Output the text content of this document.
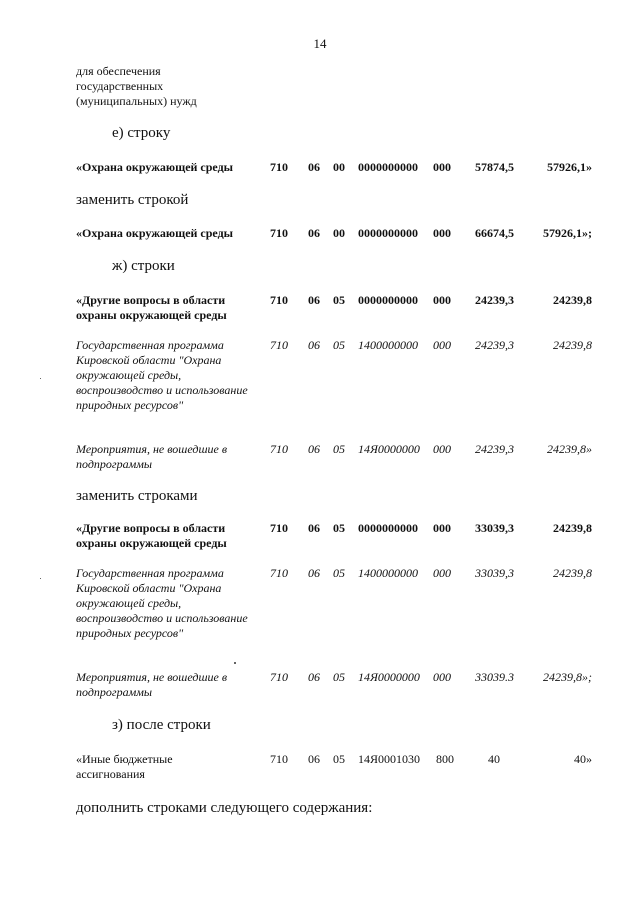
14
для обеспечения
государственных
(муниципальных) нужд
е) строку
«Охрана окружающей среды	710 06 00 0000000000 000	57874,5	57926,1»
заменить строкой
«Охрана окружающей среды	710 06 00 0000000000 000	66674,5	57926,1»;
ж) строки
«Другие вопросы в области охраны окружающей среды
710 06 05 0000000000 000	24239,3	24239,8
Государственная программа Кировской области "Охрана окружающей среды, воспроизводство и использование природных ресурсов"
710 06 05 1400000000 000	24239,3	24239,8
Мероприятия, не вошедшие в подпрограммы
710 06 05 14Я0000000 000	24239,3	24239,8»
заменить строками
«Другие вопросы в области охраны окружающей среды
710 06 05 0000000000 000	33039,3	24239,8
Государственная программа Кировской области "Охрана окружающей среды, воспроизводство и использование природных ресурсов"
710 06 05 1400000000 000	33039,3	24239,8
Мероприятия, не вошедшие в подпрограммы
710 06 05 14Я0000000 000	33039.3	24239,8»;
з) после строки
«Иные бюджетные ассигнования
710 06 05 14Я0001030 800	40	40»
дополнить строками следующего содержания:
